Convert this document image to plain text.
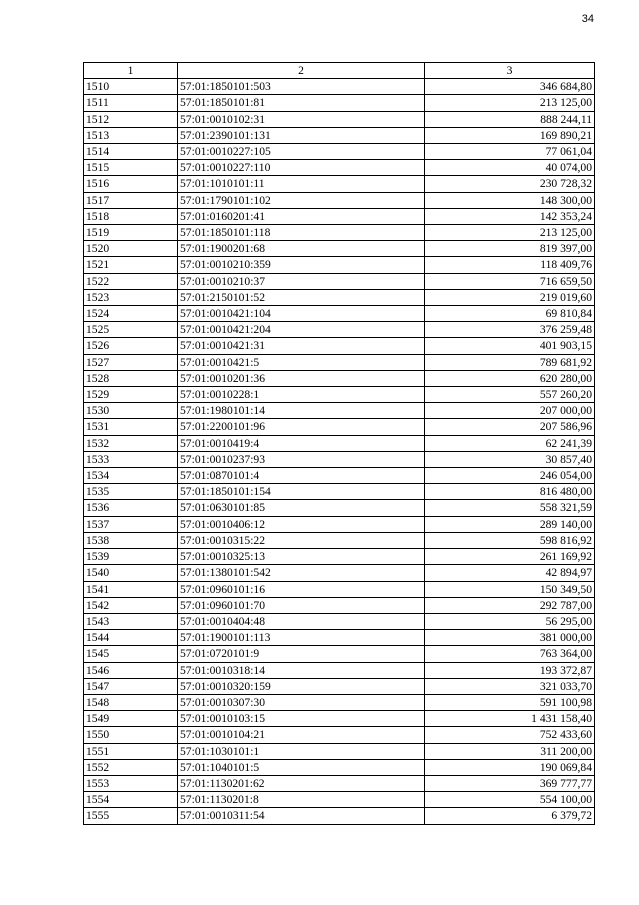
34
1	2	3
1510	57:01:1850101:503	346 684,80
1511	57:01:1850101:81	213 125,00
1512	57:01:0010102:31	888 244,11
1513	57:01:2390101:131	169 890,21
1514	57:01:0010227:105	77 061,04
1515	57:01:0010227:110	40 074,00
1516	57:01:1010101:11	230 728,32
1517	57:01:1790101:102	148 300,00
1518	57:01:0160201:41	142 353,24
1519	57:01:1850101:118	213 125,00
1520	57:01:1900201:68	819 397,00
1521	57:01:0010210:359	118 409,76
1522	57:01:0010210:37	716 659,50
1523	57:01:2150101:52	219 019,60
1524	57:01:0010421:104	69 810,84
1525	57:01:0010421:204	376 259,48
1526	57:01:0010421:31	401 903,15
1527	57:01:0010421:5	789 681,92
1528	57:01:0010201:36	620 280,00
1529	57:01:0010228:1	557 260,20
1530	57:01:1980101:14	207 000,00
1531	57:01:2200101:96	207 586,96
1532	57:01:0010419:4	62 241,39
1533	57:01:0010237:93	30 857,40
1534	57:01:0870101:4	246 054,00
1535	57:01:1850101:154	816 480,00
1536	57:01:0630101:85	558 321,59
1537	57:01:0010406:12	289 140,00
1538	57:01:0010315:22	598 816,92
1539	57:01:0010325:13	261 169,92
1540	57:01:1380101:542	42 894,97
1541	57:01:0960101:16	150 349,50
1542	57:01:0960101:70	292 787,00
1543	57:01:0010404:48	56 295,00
1544	57:01:1900101:113	381 000,00
1545	57:01:0720101:9	763 364,00
1546	57:01:0010318:14	193 372,87
1547	57:01:0010320:159	321 033,70
1548	57:01:0010307:30	591 100,98
1549	57:01:0010103:15	1 431 158,40
1550	57:01:0010104:21	752 433,60
1551	57:01:1030101:1	311 200,00
1552	57:01:1040101:5	190 069,84
1553	57:01:1130201:62	369 777,77
1554	57:01:1130201:8	554 100,00
1555	57:01:0010311:54	6 379,72
